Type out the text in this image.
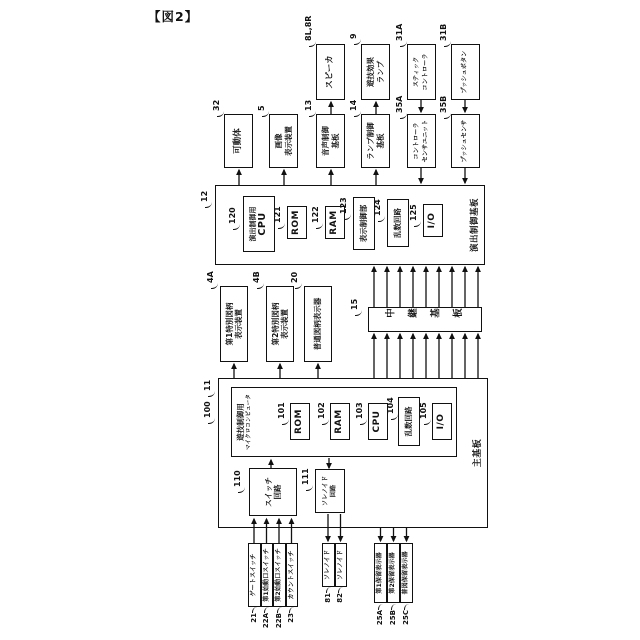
主基板

遊技制御用 マイクロコンピュータ	ROM

101	RAM

102	CPU

103	乱数回路

104

I/O

105

100
11
スイッチ
回路
110	ソレノイド
回路
111
演出制御基板
演出制御用 CPU
120	ROM
121	RAM
122	表示制御部
123
乱数回路
124
I/O
125
12
中継基板
15
第1特別図柄
表示装置
4A
第2特別図柄
表示装置
4B
普通図柄表示器
20
可動体
32
画像
表示装置
5
音声制御
基板
13
ランプ制御
基板
14
コントローラ
センサユニット
35A
プッシュセンサ
35B
スピーカ
8L,8R
遊技効果
ランプ
9
スティック
コントローラ
31A
プッシュボタン
31B
ゲートスイッチ
21
第1始動口スイッチ
22A
第2始動口スイッチ
22B
カウントスイッチ
23
ソレノイド
81
ソレノイド
82
第1保留表示器
25A
第2保留表示器
25B
普図保留表示器
25C
【図2】
